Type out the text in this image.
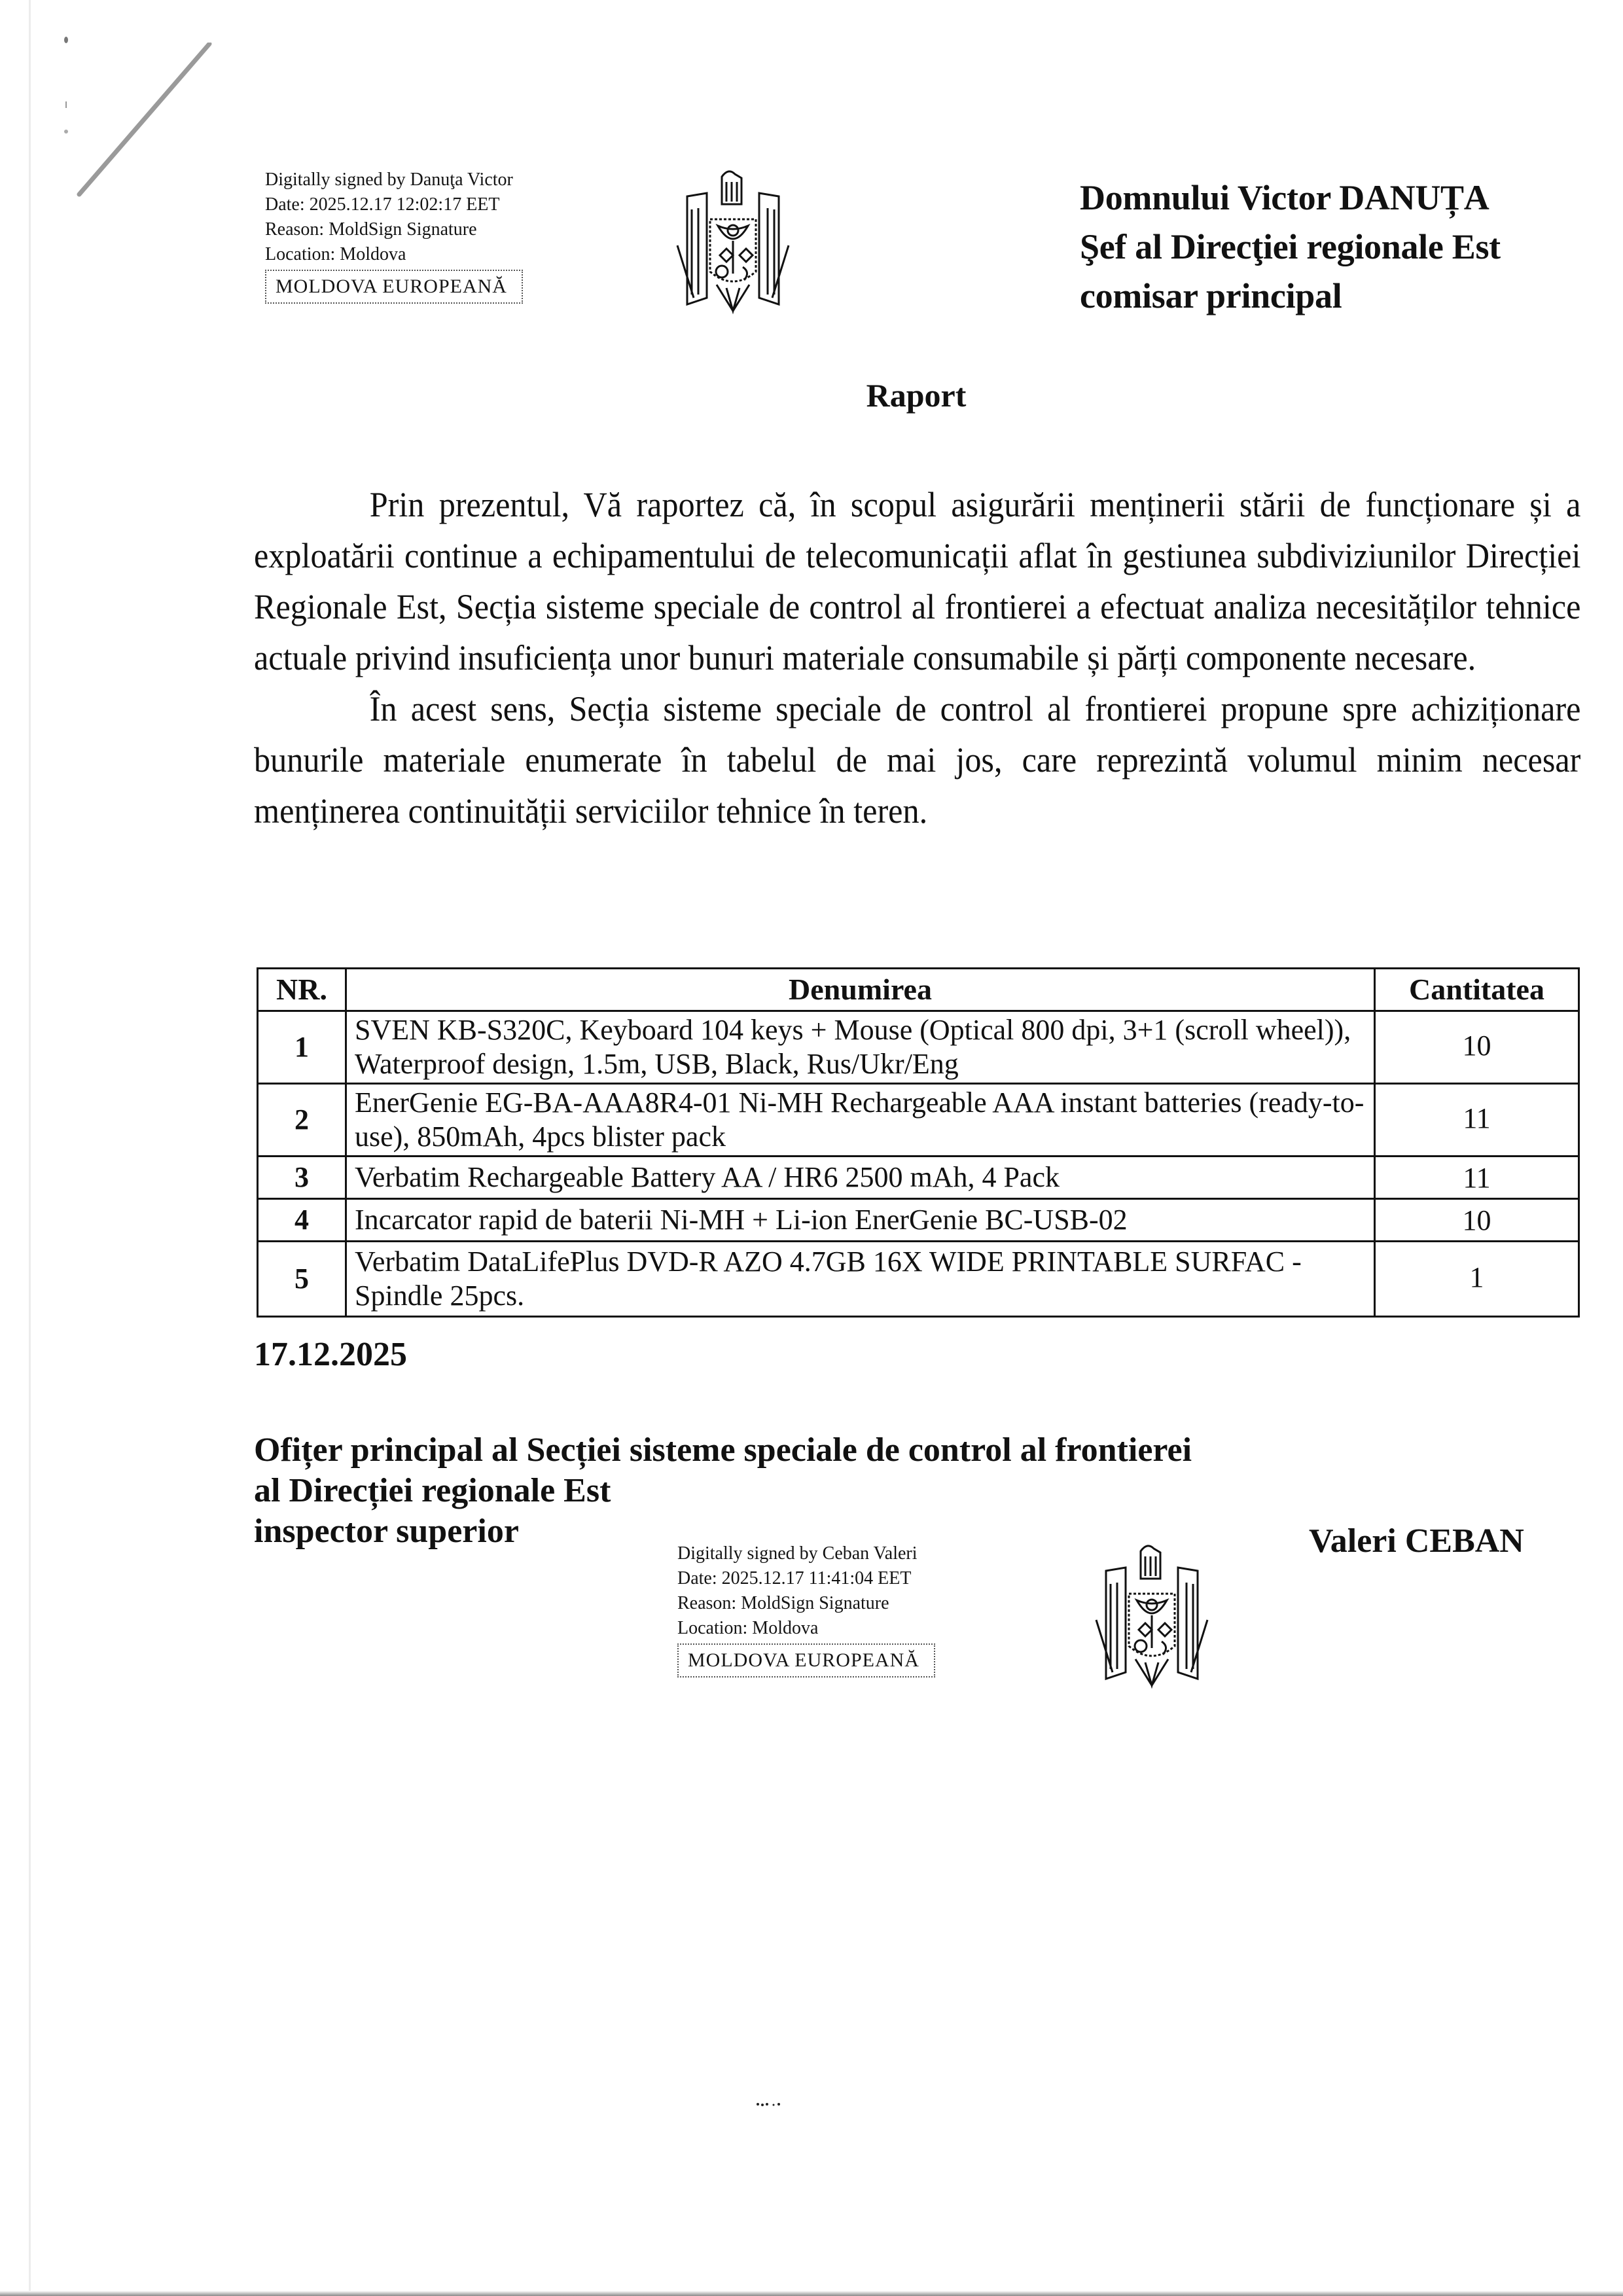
Digitally signed by Danuţa Victor
Date: 2025.12.17 12:02:17 EET
Reason: MoldSign Signature
Location: Moldova
MOLDOVA EUROPEANĂ
Domnului Victor DANUȚA
Şef al Direcţiei regionale Est
comisar principal
Raport

Prin prezentul, Vă raportez că, în scopul asigurării menținerii stării de funcționare și a exploatării continue a echipamentului de telecomunicații aflat în gestiunea subdiviziunilor Direcției Regionale Est, Secția sisteme speciale de control al frontierei a efectuat analiza necesităților tehnice actuale privind insuficiența unor bunuri materiale consumabile și părți componente necesare.

În acest sens, Secția sisteme speciale de control al frontierei propune spre achiziționare bunurile materiale enumerate în tabelul de mai jos, care reprezintă volumul minim necesar menținerea continuității serviciilor tehnice în teren.

NR.	Denumirea	Cantitatea
1	SVEN KB-S320C, Keyboard 104 keys + Mouse (Optical 800 dpi, 3+1 (scroll wheel)), Waterproof design, 1.5m, USB, Black, Rus/Ukr/Eng	10
2	EnerGenie EG-BA-AAA8R4-01 Ni-MH Rechargeable AAA instant batteries (ready-to-use), 850mAh, 4pcs blister pack	11
3	Verbatim Rechargeable Battery AA / HR6 2500 mAh, 4 Pack	11
4	Incarcator rapid de baterii Ni-MH + Li-ion EnerGenie BC-USB-02	10
5	Verbatim DataLifePlus DVD-R AZO 4.7GB 16X WIDE PRINTABLE SURFAC - Spindle 25pcs.	1
17.12.2025
Ofițer principal al Secției sisteme speciale de control al frontierei
al Direcției regionale Est
inspector superior	Valeri CEBAN
Digitally signed by Ceban Valeri
Date: 2025.12.17 11:41:04 EET
Reason: MoldSign Signature
Location: Moldova
MOLDOVA EUROPEANĂ
